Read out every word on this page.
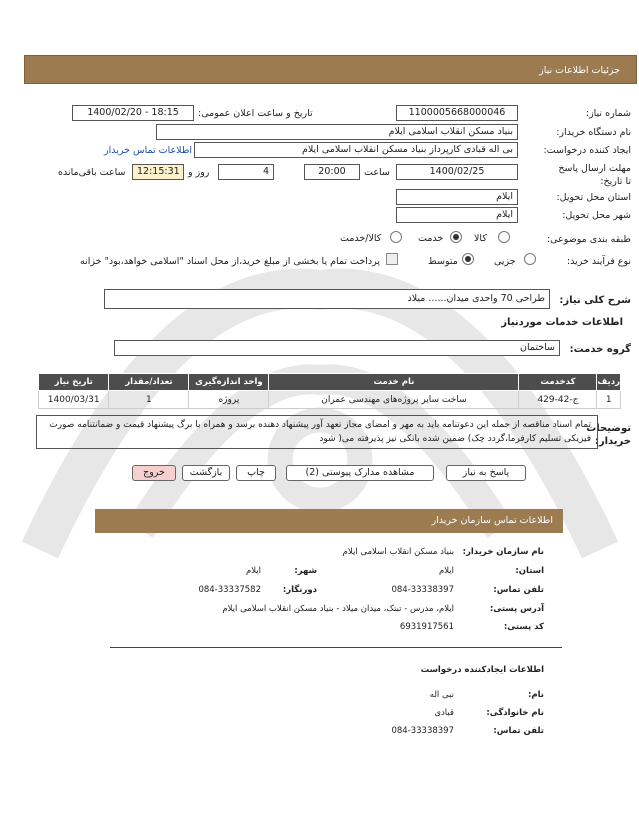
جزئیات اطلاعات نیاز
شماره نیاز:
1100005668000046
تاریخ و ساعت اعلان عمومی:
1400/02/20 - 18:15
نام دستگاه خریدار:
بنیاد مسکن انقلاب اسلامی ایلام
ایجاد کننده درخواست:
بی اله قبادی کارپرداز بنیاد مسکن انقلاب اسلامی ایلام
اطلاعات تماس خریدار
مهلت ارسال پاسخ تا تاریخ:
1400/02/25
ساعت
20:00
4
روز و
12:15:31
ساعت باقی‌مانده
استان محل تحویل:
ایلام
شهر محل تحویل:
ایلام
طبقه بندی موضوعی:
کالا
خدمت
کالا/خدمت
نوع فرآیند خرید:
جزیی
متوسط
پرداخت تمام یا بخشی از مبلغ خرید،از محل اسناد "اسلامی خواهد،بود" خزانه
شرح کلی نیاز:
طراحی 70 واحدی میدان...... میلاد
اطلاعات خدمات موردنیاز
گروه خدمت:
ساختمان
ردیف	کدخدمت	نام خدمت	واحد اندازه‌گیری	تعداد/مقدار	تاریخ نیاز
1	ج-42-429	ساخت سایر پروژه‌های مهندسی عمران	پروژه	1	1400/03/31
توضیحات خریدار:
تمام اسناد مناقصه از جمله این دعوتنامه باید به مهر و امضای مجاز تعهد آور پیشنهاد دهنده برسد و همراه با برگ پیشنهاد قیمت و ضمانتنامه صورت فیزیکی تسلیم کارفرما،گردد چک) ضمین شده بانکی نیز پذیرفته می( شود
پاسخ به نیاز
مشاهده مدارک پیوستی (2)
چاپ
بازگشت
خروج
اطلاعات تماس سازمان خریدار
نام سازمان خریدار:
بنیاد مسکن انقلاب اسلامی ایلام
استان:
ایلام
شهر:
ایلام
تلفن تماس:
084-33338397
دورنگار:
084-33337582
آدرس پستی:
ایلام، مدرس - تبنک، میدان میلاد - بنیاد مسکن انقلاب اسلامی ایلام
کد پستی:
6931917561
اطلاعات ایجادکننده درخواست
نام:
نبی اله
نام خانوادگی:
قبادی
تلفن تماس:
084-33338397
